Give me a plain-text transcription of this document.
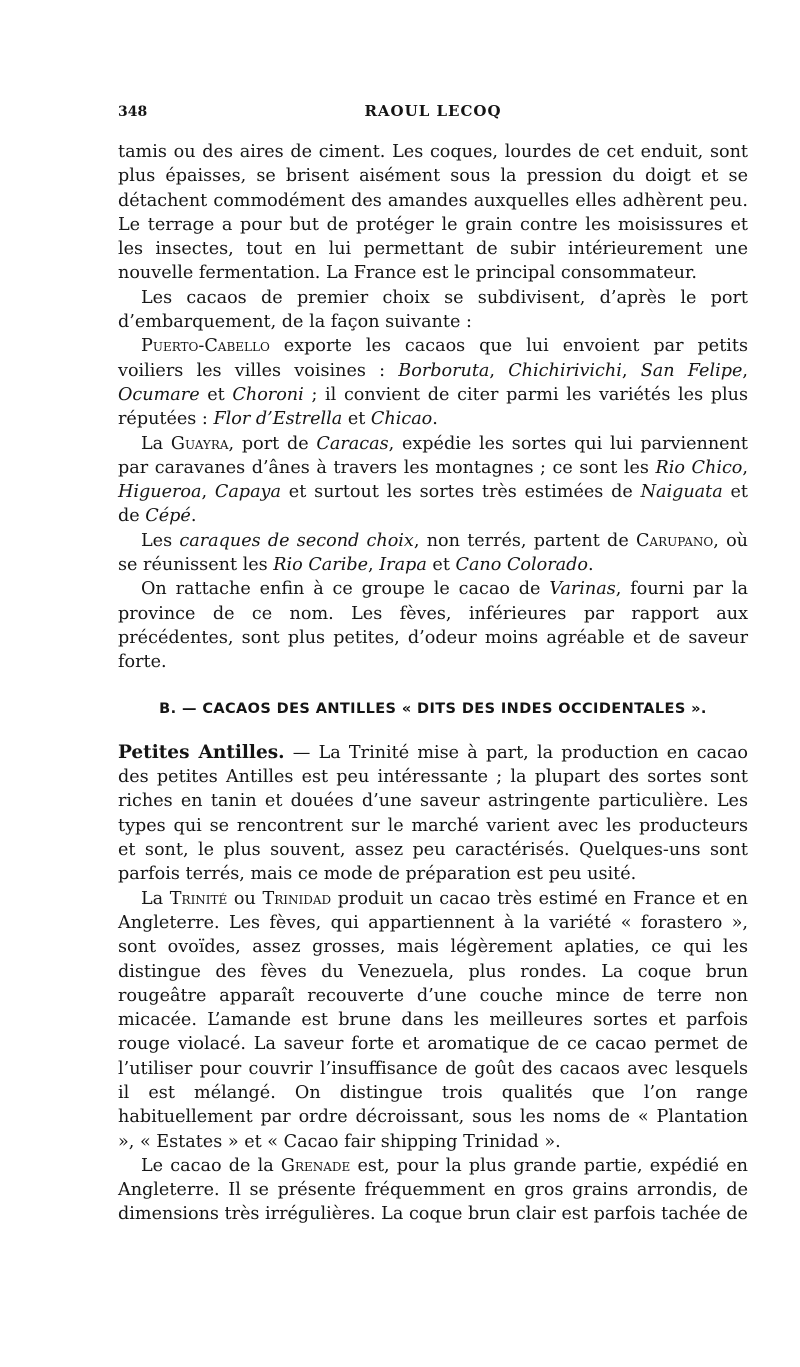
348	RAOUL LECOQ

tamis ou des aires de ciment. Les coques, lourdes de cet enduit, sont plus épaisses, se brisent aisément sous la pression du doigt et se détachent commodément des amandes auxquelles elles adhèrent peu. Le terrage a pour but de protéger le grain contre les moisissures et les insectes, tout en lui permettant de subir intérieurement une nouvelle fermentation. La France est le principal consommateur.

Les cacaos de premier choix se subdivisent, d’après le port d’embarquement, de la façon suivante :

Puerto-Cabello exporte les cacaos que lui envoient par petits voiliers les villes voisines : Borboruta, Chichirivichi, San Felipe, Ocumare et Choroni ; il convient de citer parmi les variétés les plus réputées : Flor d’Estrella et Chicao.

La Guayra, port de Caracas, expédie les sortes qui lui parviennent par caravanes d’ânes à travers les montagnes ; ce sont les Rio Chico, Higueroa, Capaya et surtout les sortes très estimées de Naiguata et de Cépé.

Les caraques de second choix, non terrés, partent de Carupano, où se réunissent les Rio Caribe, Irapa et Cano Colorado.

On rattache enfin à ce groupe le cacao de Varinas, fourni par la province de ce nom. Les fèves, inférieures par rapport aux précédentes, sont plus petites, d’odeur moins agréable et de saveur forte.

B. — CACAOS DES ANTILLES « DITS DES INDES OCCIDENTALES ».

Petites Antilles. — La Trinité mise à part, la production en cacao des petites Antilles est peu intéressante ; la plupart des sortes sont riches en tanin et douées d’une saveur astringente particulière. Les types qui se rencontrent sur le marché varient avec les producteurs et sont, le plus souvent, assez peu caractérisés. Quelques-uns sont parfois terrés, mais ce mode de préparation est peu usité.

La Trinité ou Trinidad produit un cacao très estimé en France et en Angleterre. Les fèves, qui appartiennent à la variété « forastero », sont ovoïdes, assez grosses, mais légèrement aplaties, ce qui les distingue des fèves du Venezuela, plus rondes. La coque brun rougeâtre apparaît recouverte d’une couche mince de terre non micacée. L’amande est brune dans les meilleures sortes et parfois rouge violacé. La saveur forte et aromatique de ce cacao permet de l’utiliser pour couvrir l’insuffisance de goût des cacaos avec lesquels il est mélangé. On distingue trois qualités que l’on range habituellement par ordre décroissant, sous les noms de « Plantation », « Estates » et « Cacao fair shipping Trinidad ».

Le cacao de la Grenade est, pour la plus grande partie, expédié en Angleterre. Il se présente fréquemment en gros grains arrondis, de dimensions très irrégulières. La coque brun clair est parfois tachée de
